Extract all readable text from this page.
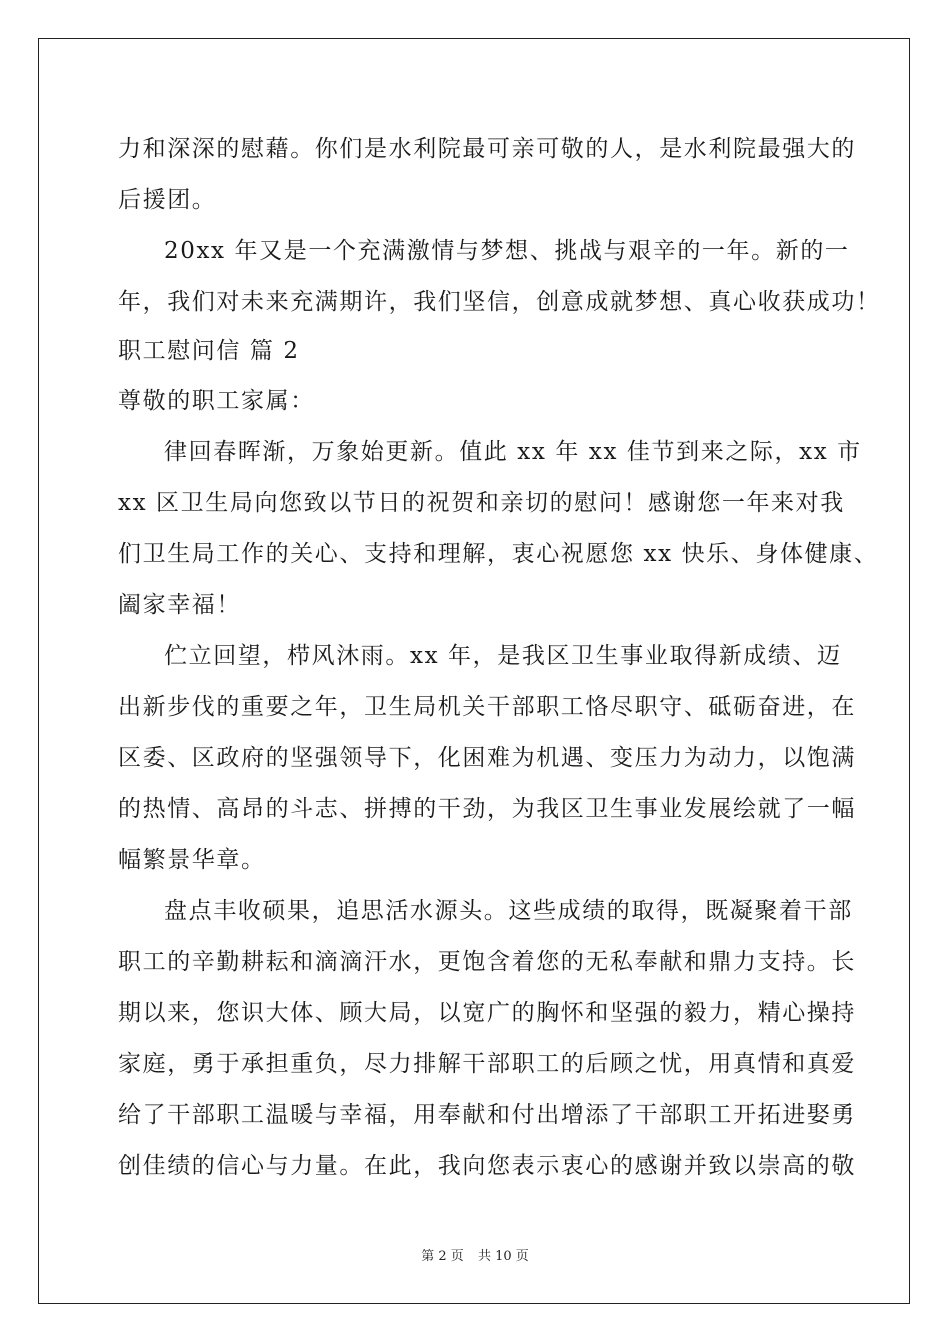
力和深深的慰藉。你们是水利院最可亲可敬的人，是水利院最强大的
后援团。
20xx 年又是一个充满激情与梦想、挑战与艰辛的一年。新的一
年，我们对未来充满期许，我们坚信，创意成就梦想、真心收获成功！
职工慰问信 篇 2
尊敬的职工家属：
律回春晖渐，万象始更新。值此 xx 年 xx 佳节到来之际，xx 市
xx 区卫生局向您致以节日的祝贺和亲切的慰问！感谢您一年来对我
们卫生局工作的关心、支持和理解，衷心祝愿您 xx 快乐、身体健康、
阖家幸福！
伫立回望，栉风沐雨。xx 年，是我区卫生事业取得新成绩、迈
出新步伐的重要之年，卫生局机关干部职工恪尽职守、砥砺奋进，在
区委、区政府的坚强领导下，化困难为机遇、变压力为动力，以饱满
的热情、高昂的斗志、拼搏的干劲，为我区卫生事业发展绘就了一幅
幅繁景华章。
盘点丰收硕果，追思活水源头。这些成绩的取得，既凝聚着干部
职工的辛勤耕耘和滴滴汗水，更饱含着您的无私奉献和鼎力支持。长
期以来，您识大体、顾大局，以宽广的胸怀和坚强的毅力，精心操持
家庭，勇于承担重负，尽力排解干部职工的后顾之忧，用真情和真爱
给了干部职工温暖与幸福，用奉献和付出增添了干部职工开拓进娶勇
创佳绩的信心与力量。在此，我向您表示衷心的感谢并致以崇高的敬
第 2 页 共 10 页
